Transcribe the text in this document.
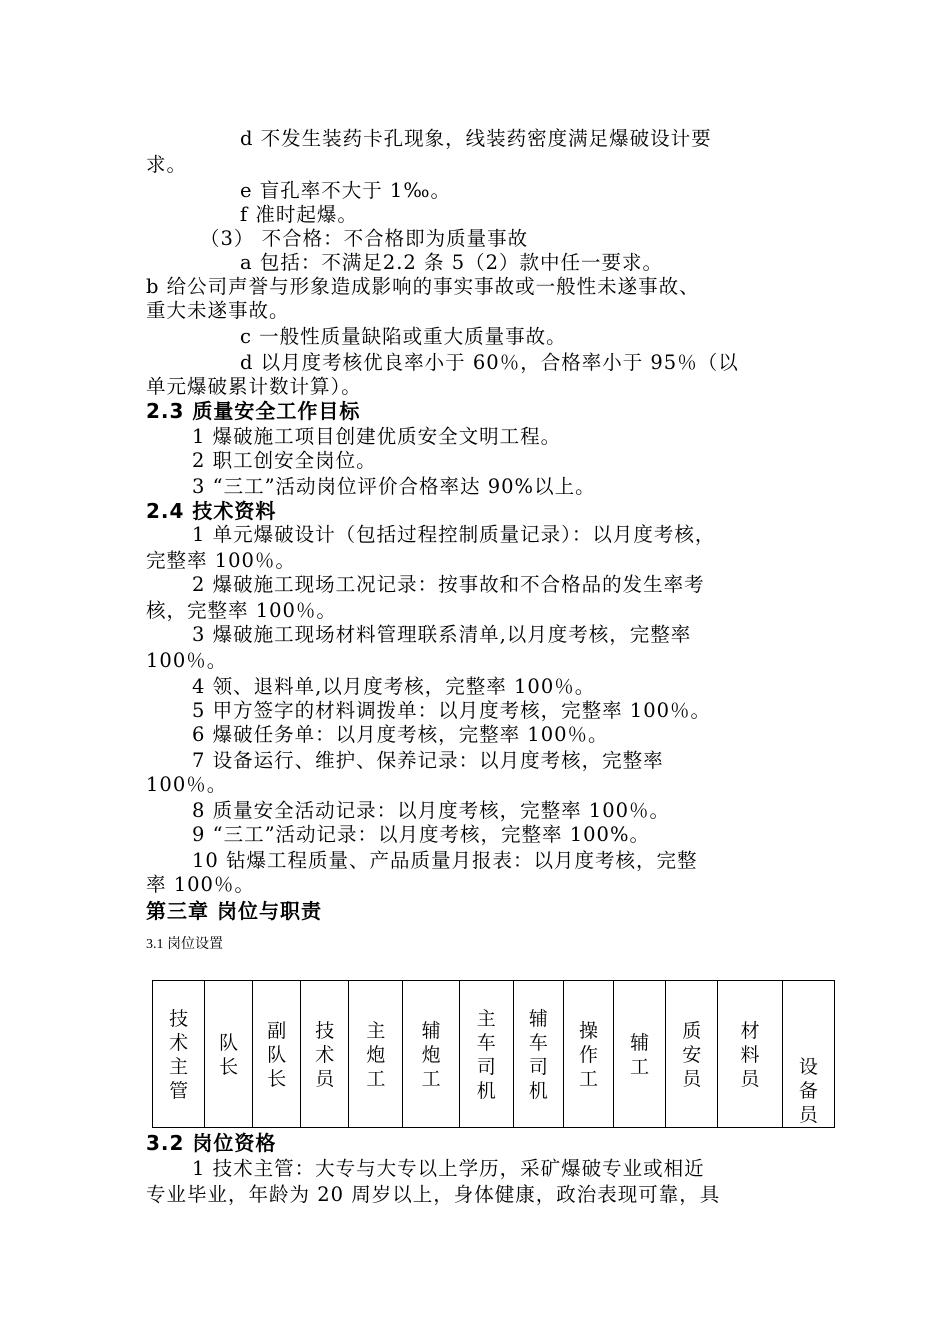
d 不发生装药卡孔现象，线装药密度满足爆破设计要
求。
e 盲孔率不大于 1‰。
f 准时起爆。
（3） 不合格：不合格即为质量事故
a 包括：不满足2.2 条 5（2）款中任一要求。
b 给公司声誉与形象造成影响的事实事故或一般性未遂事故、
重大未遂事故。
c 一般性质量缺陷或重大质量事故。
d 以月度考核优良率小于 60％，合格率小于 95％（以
单元爆破累计数计算）。
2.3 质量安全工作目标
1 爆破施工项目创建优质安全文明工程。
2 职工创安全岗位。
3 “三工”活动岗位评价合格率达 90%以上。
2.4 技术资料
1 单元爆破设计（包括过程控制质量记录）：以月度考核，
完整率 100％。
2 爆破施工现场工况记录：按事故和不合格品的发生率考
核，完整率 100％。
3 爆破施工现场材料管理联系清单,以月度考核，完整率
100％。
4 领、退料单,以月度考核，完整率 100％。
5 甲方签字的材料调拨单：以月度考核，完整率 100％。
6 爆破任务单：以月度考核，完整率 100％。
7 设备运行、维护、保养记录：以月度考核，完整率
100％。
8 质量安全活动记录：以月度考核，完整率 100％。
9 “三工”活动记录：以月度考核，完整率 100%。
10 钻爆工程质量、产品质量月报表：以月度考核，完整
率 100％。
第三章 岗位与职责
3.1 岗位设置
技术主管	队长	副队长	技术员	主炮工	辅炮工	主车司机	辅车司机	操作工	辅工	质安员	材料员	设备员
3.2 岗位资格
1 技术主管：大专与大专以上学历，采矿爆破专业或相近
专业毕业，年龄为 20 周岁以上，身体健康，政治表现可靠，具
